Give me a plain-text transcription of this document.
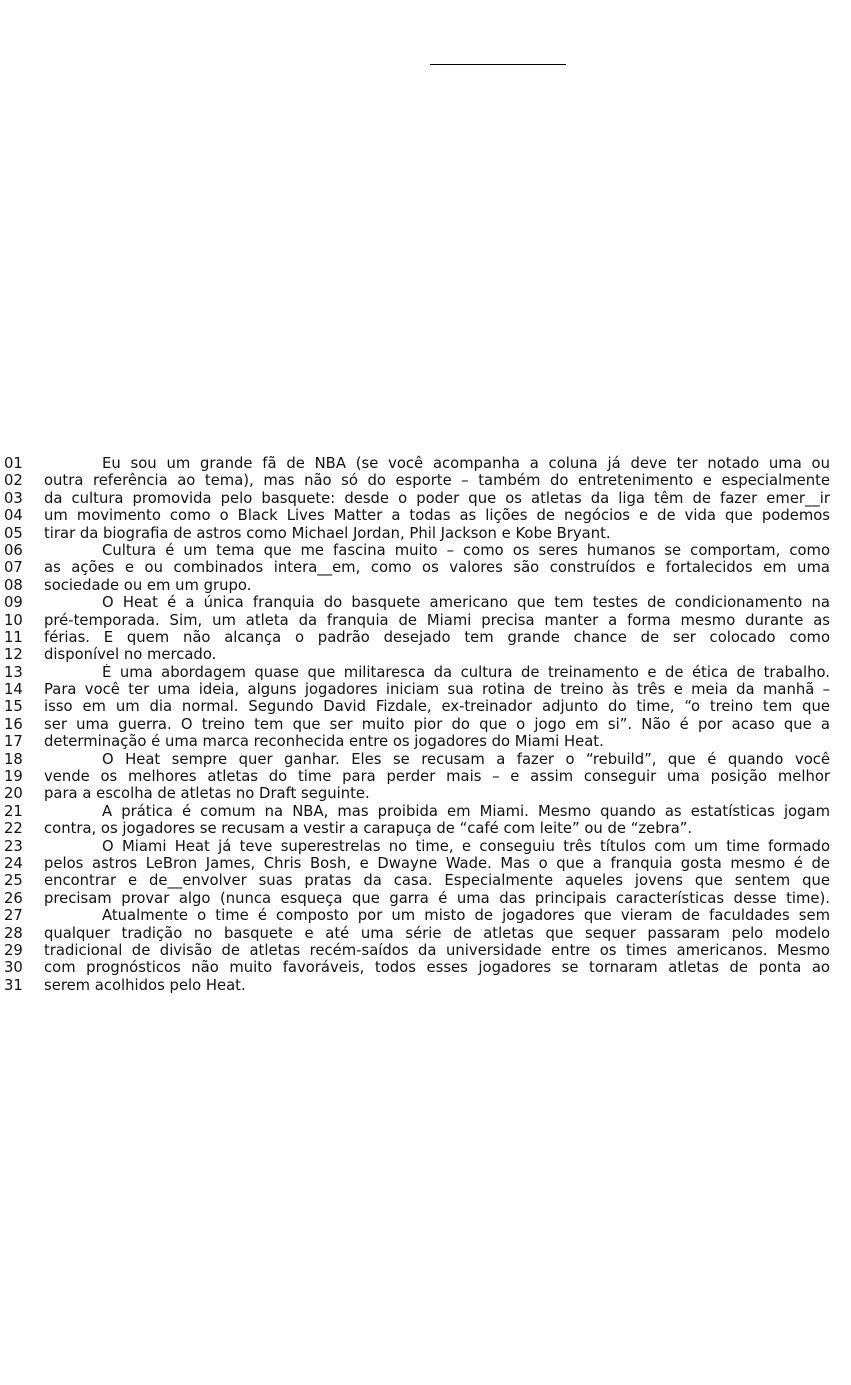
01	Eu sou um grande fã de NBA (se você acompanha a coluna já deve ter notado uma ou
02	outra referência ao tema), mas não só do esporte – também do entretenimento e especialmente
03	da cultura promovida pelo basquete: desde o poder que os atletas da liga têm de fazer emer__ir
04	um movimento como o Black Lives Matter a todas as lições de negócios e de vida que podemos
05	tirar da biografia de astros como Michael Jordan, Phil Jackson e Kobe Bryant.
06	Cultura é um tema que me fascina muito – como os seres humanos se comportam, como
07	as ações e ou combinados intera__em, como os valores são construídos e fortalecidos em uma
08	sociedade ou em um grupo.
09	O Heat é a única franquia do basquete americano que tem testes de condicionamento na
10	pré-temporada. Sim, um atleta da franquia de Miami precisa manter a forma mesmo durante as
11	férias. E quem não alcança o padrão desejado tem grande chance de ser colocado como
12	disponível no mercado.
13	É uma abordagem quase que militaresca da cultura de treinamento e de ética de trabalho.
14	Para você ter uma ideia, alguns jogadores iniciam sua rotina de treino às três e meia da manhã –
15	isso em um dia normal. Segundo David Fizdale, ex-treinador adjunto do time, “o treino tem que
16	ser uma guerra. O treino tem que ser muito pior do que o jogo em si”. Não é por acaso que a
17	determinação é uma marca reconhecida entre os jogadores do Miami Heat.
18	O Heat sempre quer ganhar. Eles se recusam a fazer o “rebuild”, que é quando você
19	vende os melhores atletas do time para perder mais – e assim conseguir uma posição melhor
20	para a escolha de atletas no Draft seguinte.
21	A prática é comum na NBA, mas proibida em Miami. Mesmo quando as estatísticas jogam
22	contra, os jogadores se recusam a vestir a carapuça de “café com leite” ou de “zebra”.
23	O Miami Heat já teve superestrelas no time, e conseguiu três títulos com um time formado
24	pelos astros LeBron James, Chris Bosh, e Dwayne Wade. Mas o que a franquia gosta mesmo é de
25	encontrar e de__envolver suas pratas da casa. Especialmente aqueles jovens que sentem que
26	precisam provar algo (nunca esqueça que garra é uma das principais características desse time).
27	Atualmente o time é composto por um misto de jogadores que vieram de faculdades sem
28	qualquer tradição no basquete e até uma série de atletas que sequer passaram pelo modelo
29	tradicional de divisão de atletas recém-saídos da universidade entre os times americanos. Mesmo
30	com prognósticos não muito favoráveis, todos esses jogadores se tornaram atletas de ponta ao
31	serem acolhidos pelo Heat.
